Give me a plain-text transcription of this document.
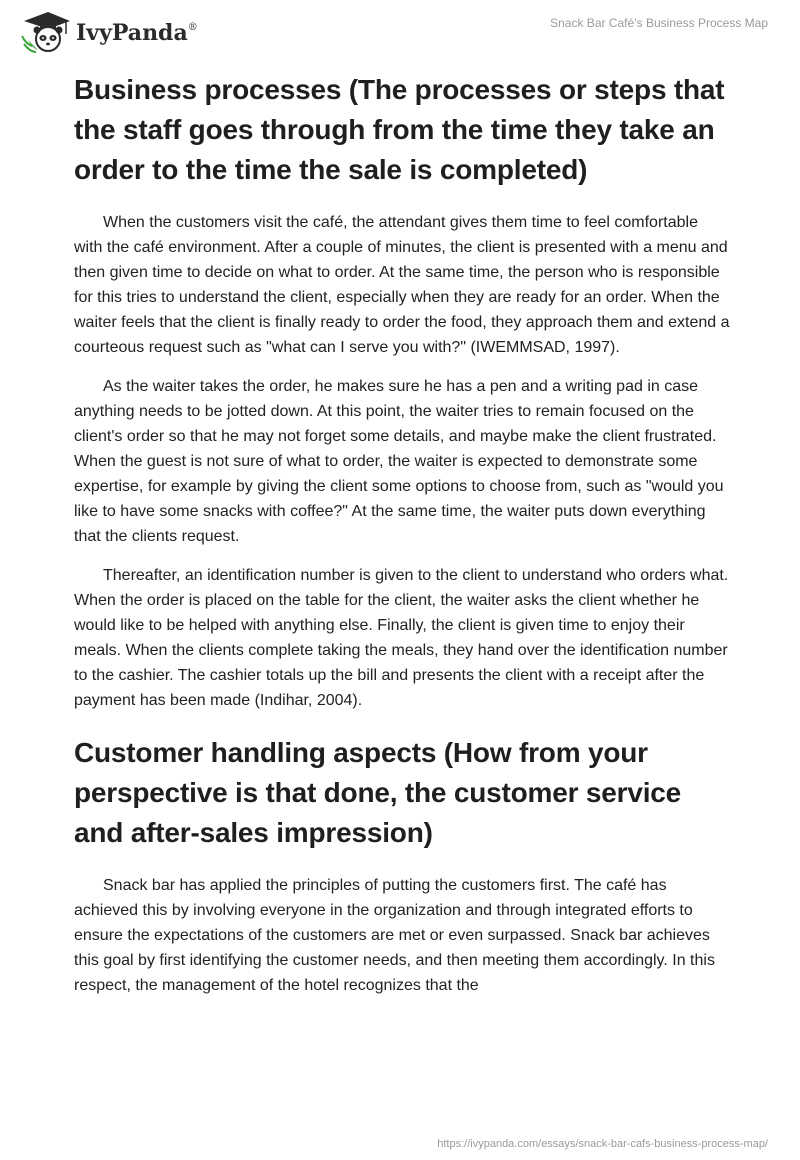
IvyPanda®	Snack Bar Café’s Business Process Map
Business processes (The processes or steps that the staff goes through from the time they take an order to the time the sale is completed)

When the customers visit the café, the attendant gives them time to feel comfortable with the café environment. After a couple of minutes, the client is presented with a menu and then given time to decide on what to order. At the same time, the person who is responsible for this tries to understand the client, especially when they are ready for an order. When the waiter feels that the client is finally ready to order the food, they approach them and extend a courteous request such as "what can I serve you with?" (IWEMMSAD, 1997).

As the waiter takes the order, he makes sure he has a pen and a writing pad in case anything needs to be jotted down. At this point, the waiter tries to remain focused on the client's order so that he may not forget some details, and maybe make the client frustrated. When the guest is not sure of what to order, the waiter is expected to demonstrate some expertise, for example by giving the client some options to choose from, such as "would you like to have some snacks with coffee?" At the same time, the waiter puts down everything that the clients request.

Thereafter, an identification number is given to the client to understand who orders what. When the order is placed on the table for the client, the waiter asks the client whether he would like to be helped with anything else. Finally, the client is given time to enjoy their meals. When the clients complete taking the meals, they hand over the identification number to the cashier. The cashier totals up the bill and presents the client with a receipt after the payment has been made (Indihar, 2004).

Customer handling aspects (How from your perspective is that done, the customer service and after-sales impression)

Snack bar has applied the principles of putting the customers first. The café has achieved this by involving everyone in the organization and through integrated efforts to ensure the expectations of the customers are met or even surpassed. Snack bar achieves this goal by first identifying the customer needs, and then meeting them accordingly. In this respect, the management of the hotel recognizes that the

https://ivypanda.com/essays/snack-bar-cafs-business-process-map/
